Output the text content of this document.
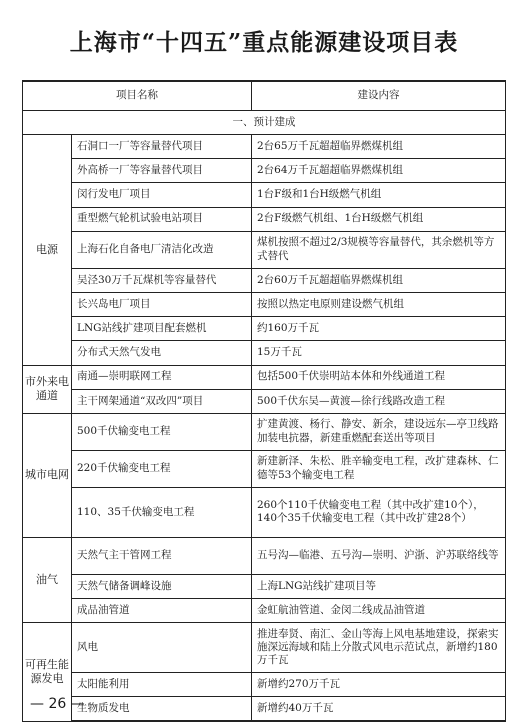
上海市“十四五”重点能源建设项目表
项目名称		建设内容
一、预计建成		
电源	石洞口一厂等容量替代项目	2台65万千瓦超超临界燃煤机组
	外高桥一厂等容量替代项目	2台64万千瓦超超临界燃煤机组
	闵行发电厂项目	1台F级和1台H级燃气机组
	重型燃气轮机试验电站项目	2台F级燃气机组、1台H级燃气机组
	上海石化自备电厂清洁化改造	煤机按照不超过2/3规模等容量替代，其余燃机等方式替代
	吴泾30万千瓦煤机等容量替代	2台60万千瓦超超临界燃煤机组
	长兴岛电厂项目	按照以热定电原则建设燃气机组
	LNG站线扩建项目配套燃机	约160万千瓦
	分布式天然气发电	15万千瓦
市外来电通道	南通—崇明联网工程	包括500千伏崇明站本体和外线通道工程
	主干网架通道“双改四”项目	500千伏东吴—黄渡—徐行线路改造工程
城市电网	500千伏输变电工程	扩建黄渡、杨行、静安、新余，建设远东—亭卫线路加装电抗器，新建重燃配套送出等项目
	220千伏输变电工程	新建新泽、朱松、胜辛输变电工程，改扩建森林、仁德等53个输变电工程
	110、35千伏输变电工程	260个110千伏输变电工程（其中改扩建10个），140个35千伏输变电工程（其中改扩建28个）
油气	天然气主干管网工程	五号沟—临港、五号沟—崇明、沪浙、沪苏联络线等
	天然气储备调峰设施	上海LNG站线扩建项目等
	成品油管道	金虹航油管道、金闵二线成品油管道
可再生能源发电	风电	推进奉贤、南汇、金山等海上风电基地建设，探索实施深远海域和陆上分散式风电示范试点，新增约180万千瓦
	太阳能利用	新增约270万千瓦
	生物质发电	新增约40万千瓦
— 26 —
